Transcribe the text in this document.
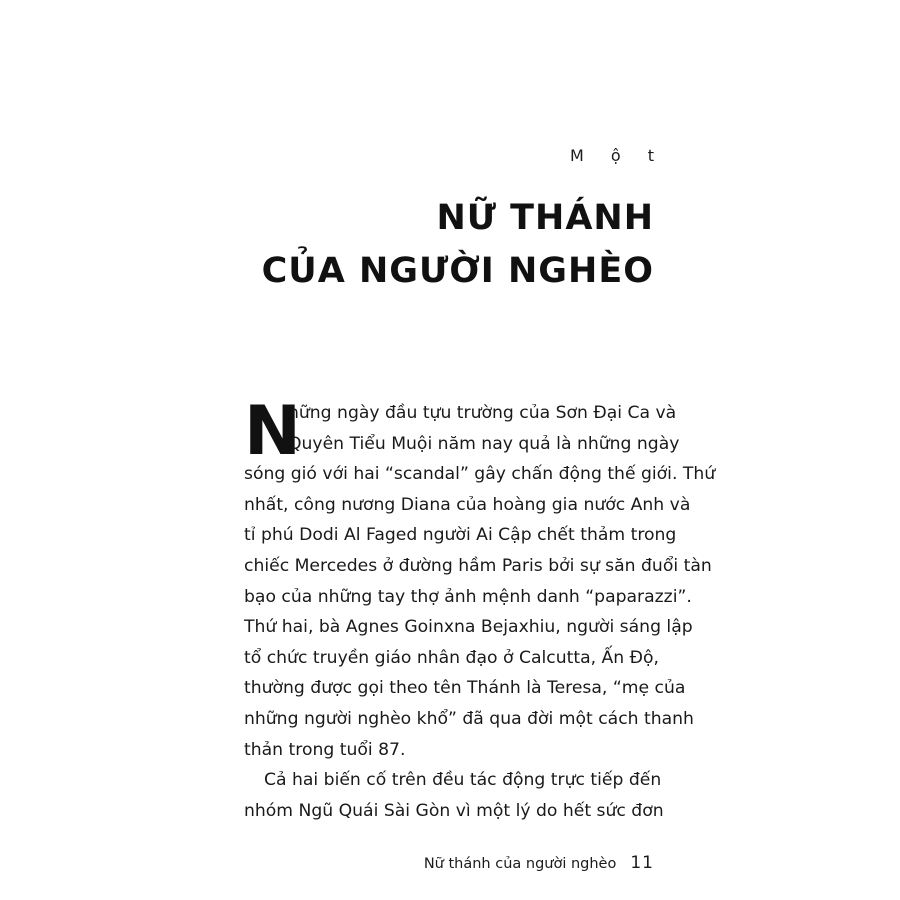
M ộ t
NỮ THÁNH
CỦA NGƯỜI NGHÈO
N
hững ngày đầu tựu trường của Sơn Đại Ca và
Quyên Tiểu Muội năm nay quả là những ngày
sóng gió với hai “scandal” gây chấn động thế giới. Thứ
nhất, công nương Diana của hoàng gia nước Anh và
tỉ phú Dodi Al Faged người Ai Cập chết thảm trong
chiếc Mercedes ở đường hầm Paris bởi sự săn đuổi tàn
bạo của những tay thợ ảnh mệnh danh “paparazzi”.
Thứ hai, bà Agnes Goinxna Bejaxhiu, người sáng lập
tổ chức truyền giáo nhân đạo ở Calcutta, Ấn Độ,
thường được gọi theo tên Thánh là Teresa, “mẹ của
những người nghèo khổ” đã qua đời một cách thanh
thản trong tuổi 87.
Cả hai biến cố trên đều tác động trực tiếp đến
nhóm Ngũ Quái Sài Gòn vì một lý do hết sức đơn
Nữ thánh của người nghèo 11
